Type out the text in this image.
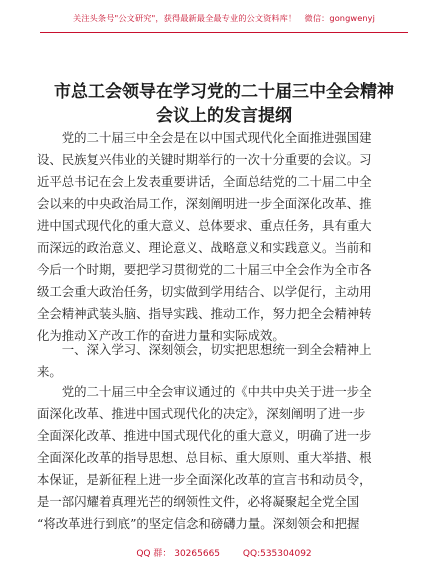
关注头条号"公文研究"，获得最新最全最专业的公文资料库！　微信：gongwenyj
市总工会领导在学习党的二十届三中全会精神
会议上的发言提纲
　　党的二十届三中全会是在以中国式现代化全面推进强国建
设、民族复兴伟业的关键时期举行的一次十分重要的会议。习
近平总书记在会上发表重要讲话，全面总结党的二十届二中全
会以来的中央政治局工作，深刻阐明进一步全面深化改革、推
进中国式现代化的重大意义、总体要求、重点任务，具有重大
而深远的政治意义、理论意义、战略意义和实践意义。当前和
今后一个时期，要把学习贯彻党的二十届三中全会作为全市各
级工会重大政治任务，切实做到学用结合、以学促行，主动用
全会精神武装头脑、指导实践、推动工作，努力把全会精神转
化为推动Ｘ产改工作的奋进力量和实际成效。
　　一、深入学习、深刻领会，切实把思想统一到全会精神上
来。
　　党的二十届三中全会审议通过的《中共中央关于进一步全
面深化改革、推进中国式现代化的决定》，深刻阐明了进一步
全面深化改革、推进中国式现代化的重大意义，明确了进一步
全面深化改革的指导思想、总目标、重大原则、重大举措、根
本保证，是新征程上进一步全面深化改革的宣言书和动员令，
是一部闪耀着真理光芒的纲领性文件，必将凝聚起全党全国
“将改革进行到底”的坚定信念和磅礴力量。深刻领会和把握
QQ 群： 30265665	QQ:535304092
